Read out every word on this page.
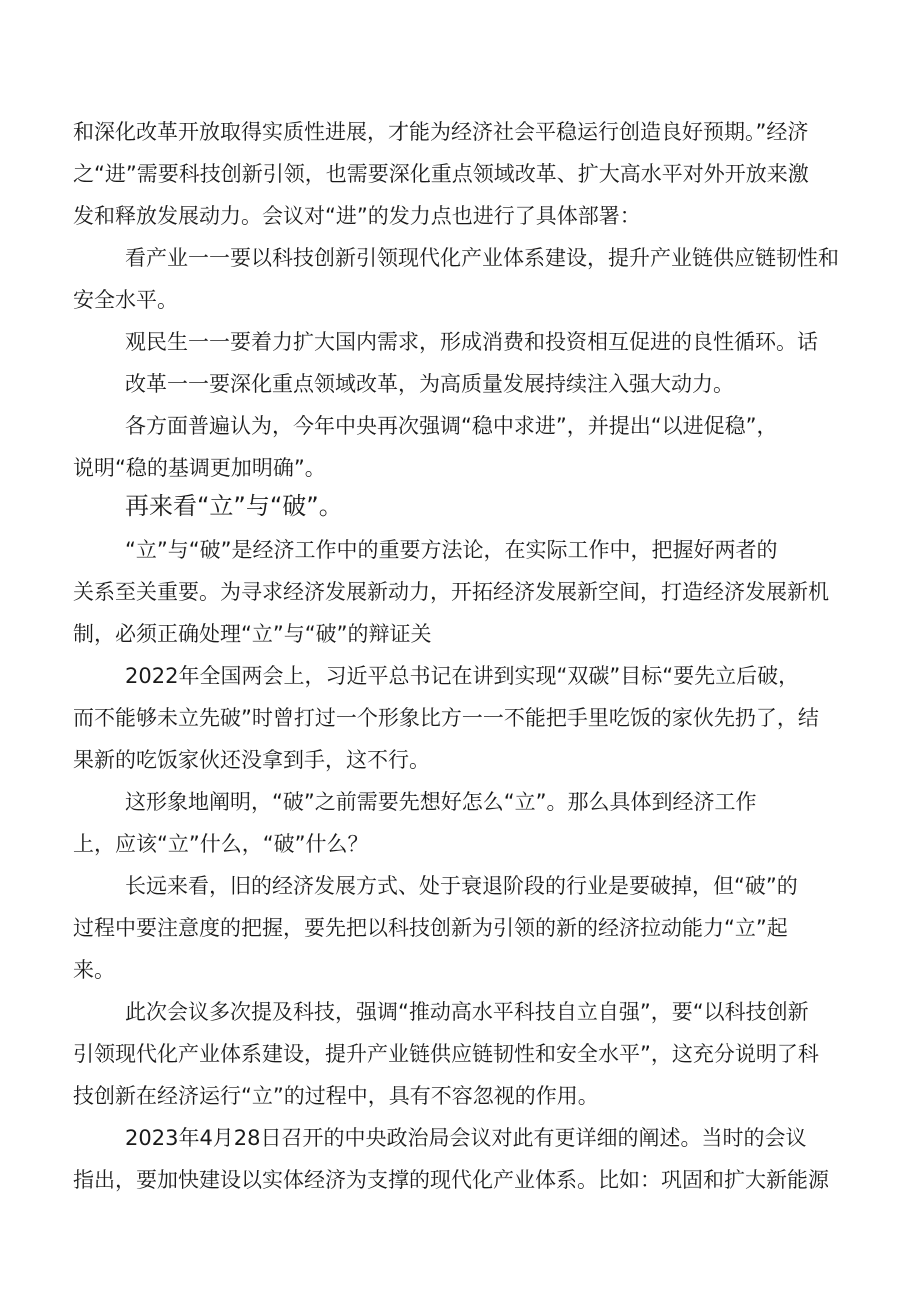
和深化改革开放取得实质性进展，才能为经济社会平稳运行创造良好预期。”经济
之“进”需要科技创新引领，也需要深化重点领域改革、扩大高水平对外开放来激
发和释放发展动力。会议对“进”的发力点也进行了具体部署：
看产业一一要以科技创新引领现代化产业体系建设，提升产业链供应链韧性和
安全水平。
观民生一一要着力扩大国内需求，形成消费和投资相互促进的良性循环。话
改革一一要深化重点领域改革，为高质量发展持续注入强大动力。
各方面普遍认为，今年中央再次强调“稳中求进”，并提出“以进促稳”，
说明“稳的基调更加明确”。
再来看“立”与“破”。
“立”与“破”是经济工作中的重要方法论，在实际工作中，把握好两者的
关系至关重要。为寻求经济发展新动力，开拓经济发展新空间，打造经济发展新机
制，必须正确处理“立”与“破”的辩证关
2022年全国两会上，习近平总书记在讲到实现“双碳”目标“要先立后破，
而不能够未立先破”时曾打过一个形象比方一一不能把手里吃饭的家伙先扔了，结
果新的吃饭家伙还没拿到手，这不行。
这形象地阐明，“破”之前需要先想好怎么“立”。那么具体到经济工作
上，应该“立”什么，“破”什么？
长远来看，旧的经济发展方式、处于衰退阶段的行业是要破掉，但“破”的
过程中要注意度的把握，要先把以科技创新为引领的新的经济拉动能力“立”起
来。
此次会议多次提及科技，强调“推动高水平科技自立自强”，要“以科技创新
引领现代化产业体系建设，提升产业链供应链韧性和安全水平”，这充分说明了科
技创新在经济运行“立”的过程中，具有不容忽视的作用。
2023年4月28日召开的中央政治局会议对此有更详细的阐述。当时的会议
指出，要加快建设以实体经济为支撑的现代化产业体系。比如：巩固和扩大新能源
